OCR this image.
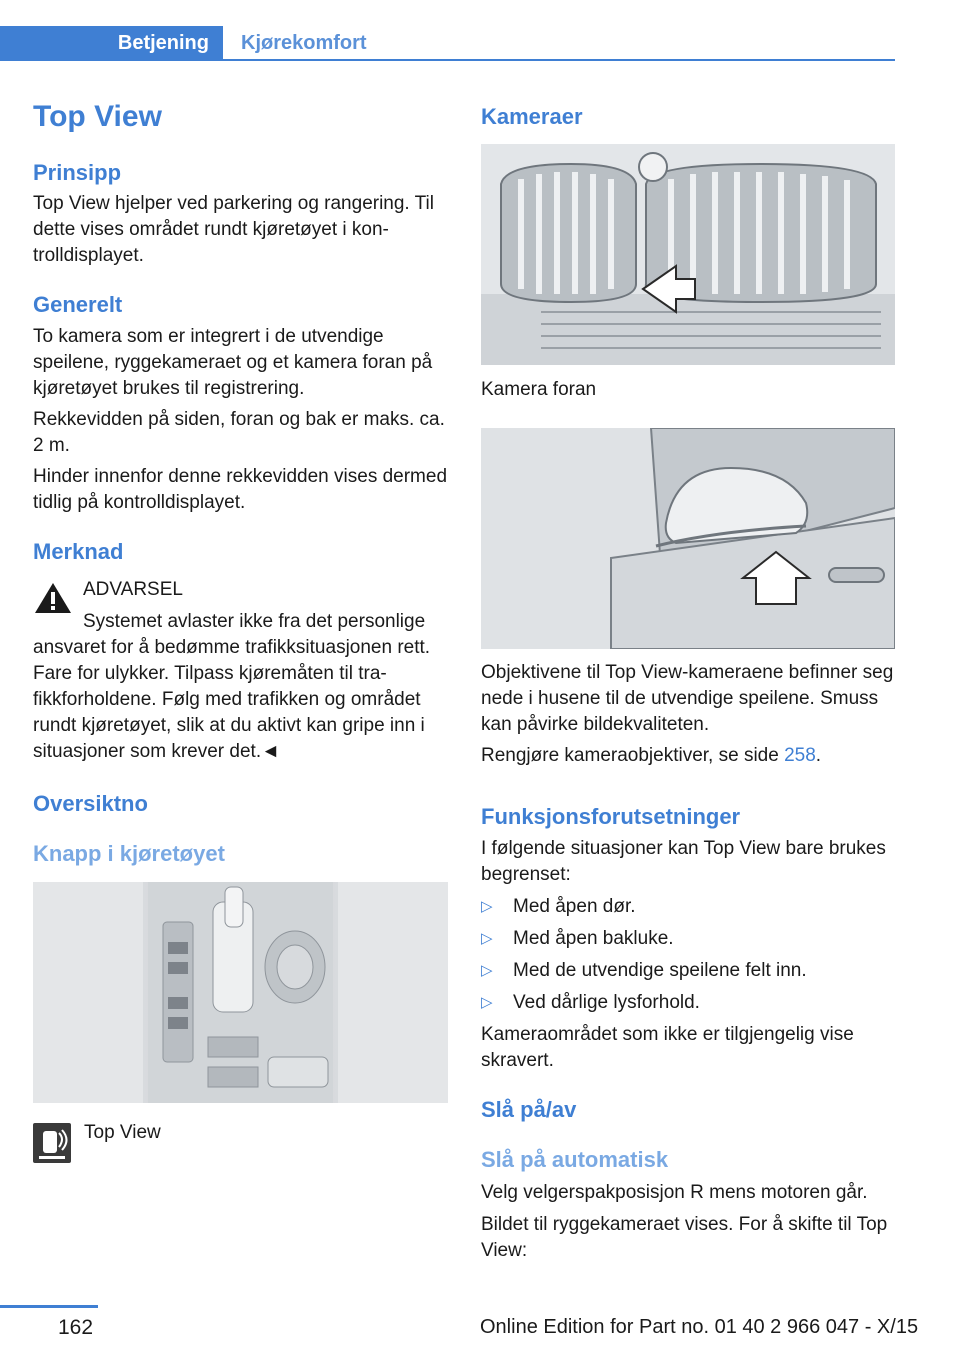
Betjening Kjørekomfort
Top View
Prinsipp
Top View hjelper ved parkering og rangering. Til dette vises området rundt kjøretøyet i kontrolldisplayet.
Generelt
To kamera som er integrert i de utvendige speilene, ryggekameraet og et kamera foran på kjøretøyet brukes til registrering.
Rekkevidden på siden, foran og bak er maks. ca. 2 m.
Hinder innenfor denne rekkevidden vises dermed tidlig på kontrolldisplayet.
Merknad
ADVARSEL
Systemet avlaster ikke fra det personlige ansvaret for å bedømme trafikksituasjonen rett. Fare for ulykker. Tilpass kjøremåten til trafikkforholdene. Følg med trafikken og området rundt kjøretøyet, slik at du aktivt kan gripe inn i situasjoner som krever det.◄
Oversiktno
Knapp i kjøretøyet
Top View
Kameraer
Kamera foran
Objektivene til Top View-kameraene befinner seg nede i husene til de utvendige speilene. Smuss kan påvirke bildekvaliteten.
Rengjøre kameraobjektiver, se side 258.
Funksjonsforutsetninger
I følgende situasjoner kan Top View bare brukes begrenset:
▷ Med åpen dør.
▷ Med åpen bakluke.
▷ Med de utvendige speilene felt inn.
▷ Ved dårlige lysforhold.
Kameraområdet som ikke er tilgjengelig vise skravert.
Slå på/av
Slå på automatisk
Velg velgerspakposisjon R mens motoren går.
Bildet til ryggekameraet vises. For å skifte til Top View:
162	Online Edition for Part no. 01 40 2 966 047 - X/15
